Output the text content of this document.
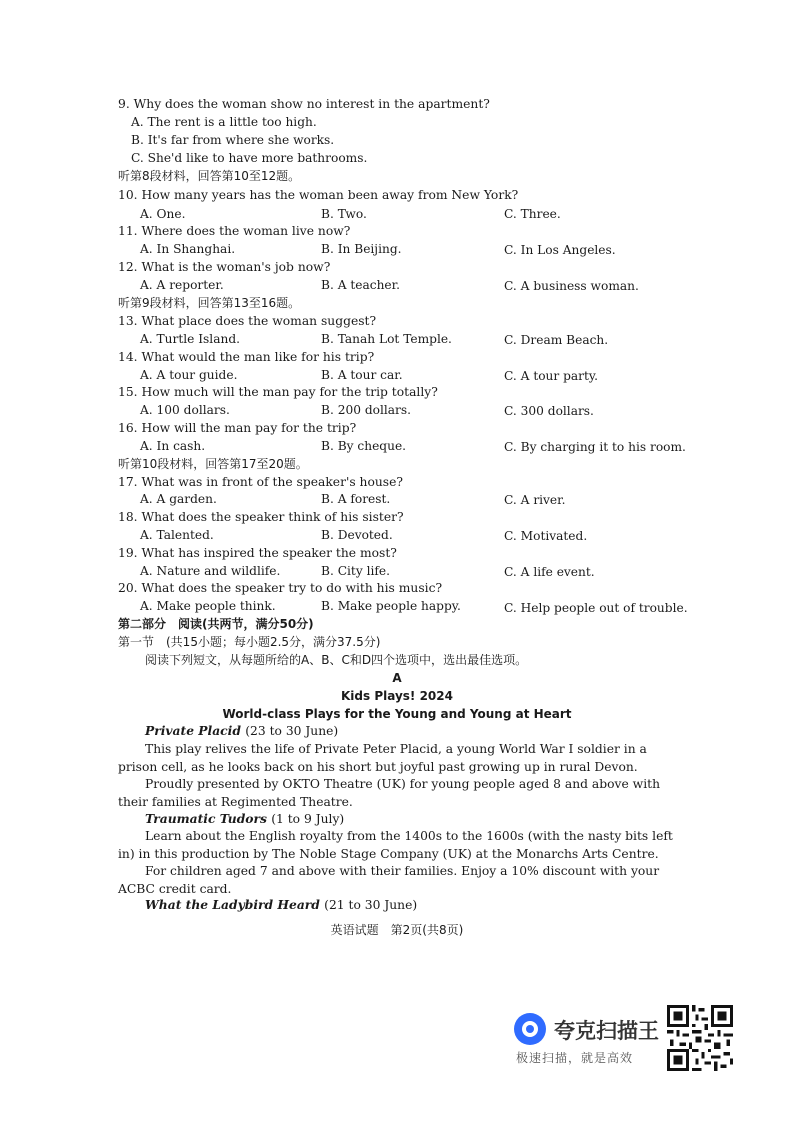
9. Why does the woman show no interest in the apartment?
A. The rent is a little too high.
B. It's far from where she works.
C. She'd like to have more bathrooms.
听第8段材料，回答第10至12题。
10. How many years has the woman been away from New York?
A. One.	B. Two.	C. Three.
11. Where does the woman live now?
A. In Shanghai.	B. In Beijing.	C. In Los Angeles.
12. What is the woman's job now?
A. A reporter.	B. A teacher.	C. A business woman.
听第9段材料，回答第13至16题。
13. What place does the woman suggest?
A. Turtle Island.	B. Tanah Lot Temple.	C. Dream Beach.
14. What would the man like for his trip?
A. A tour guide.	B. A tour car.	C. A tour party.
15. How much will the man pay for the trip totally?
A. 100 dollars.	B. 200 dollars.	C. 300 dollars.
16. How will the man pay for the trip?
A. In cash.	B. By cheque.	C. By charging it to his room.
听第10段材料，回答第17至20题。
17. What was in front of the speaker's house?
A. A garden.	B. A forest.	C. A river.
18. What does the speaker think of his sister?
A. Talented.	B. Devoted.	C. Motivated.
19. What has inspired the speaker the most?
A. Nature and wildlife.	B. City life.	C. A life event.
20. What does the speaker try to do with his music?
A. Make people think.	B. Make people happy.	C. Help people out of trouble.
第二部分　阅读(共两节，满分50分)
第一节　(共15小题；每小题2.5分，满分37.5分)
阅读下列短文，从每题所给的A、B、C和D四个选项中，选出最佳选项。
A
Kids Plays! 2024
World-class Plays for the Young and Young at Heart
Private Placid (23 to 30 June)
This play relives the life of Private Peter Placid, a young World War I soldier in a
prison cell, as he looks back on his short but joyful past growing up in rural Devon.
Proudly presented by OKTO Theatre (UK) for young people aged 8 and above with
their families at Regimented Theatre.
Traumatic Tudors (1 to 9 July)
Learn about the English royalty from the 1400s to the 1600s (with the nasty bits left
in) in this production by The Noble Stage Company (UK) at the Monarchs Arts Centre.
For children aged 7 and above with their families. Enjoy a 10% discount with your
ACBC credit card.
What the Ladybird Heard (21 to 30 June)
英语试题　第2页(共8页)
夸克扫描王
极速扫描，就是高效
